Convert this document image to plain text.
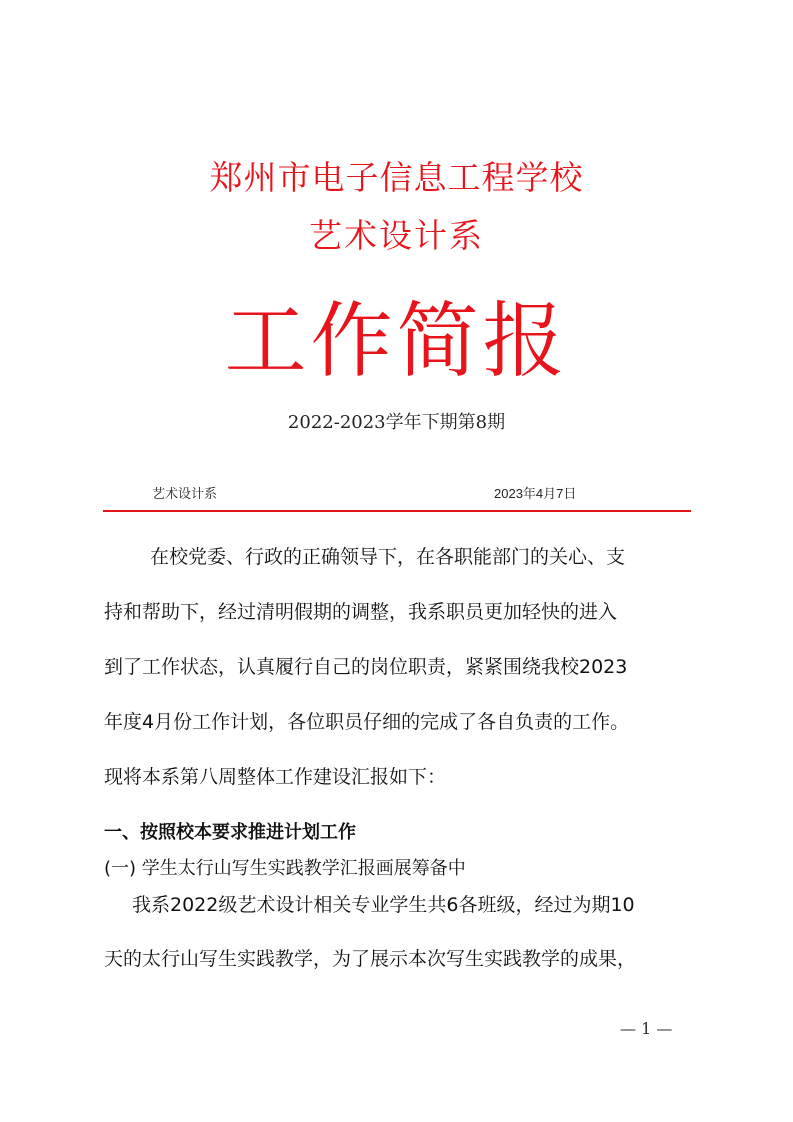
郑州市电子信息工程学校
艺术设计系
工作简报
2022-2023学年下期第8期
艺术设计系	2023年4月7日
在校党委、行政的正确领导下，在各职能部门的关心、支
持和帮助下，经过清明假期的调整，我系职员更加轻快的进入
到了工作状态，认真履行自己的岗位职责，紧紧围绕我校2023
年度4月份工作计划，各位职员仔细的完成了各自负责的工作。
现将本系第八周整体工作建设汇报如下：
一、按照校本要求推进计划工作
(一) 学生太行山写生实践教学汇报画展筹备中
我系2022级艺术设计相关专业学生共6各班级，经过为期10
天的太行山写生实践教学，为了展示本次写生实践教学的成果，
— 1 —
